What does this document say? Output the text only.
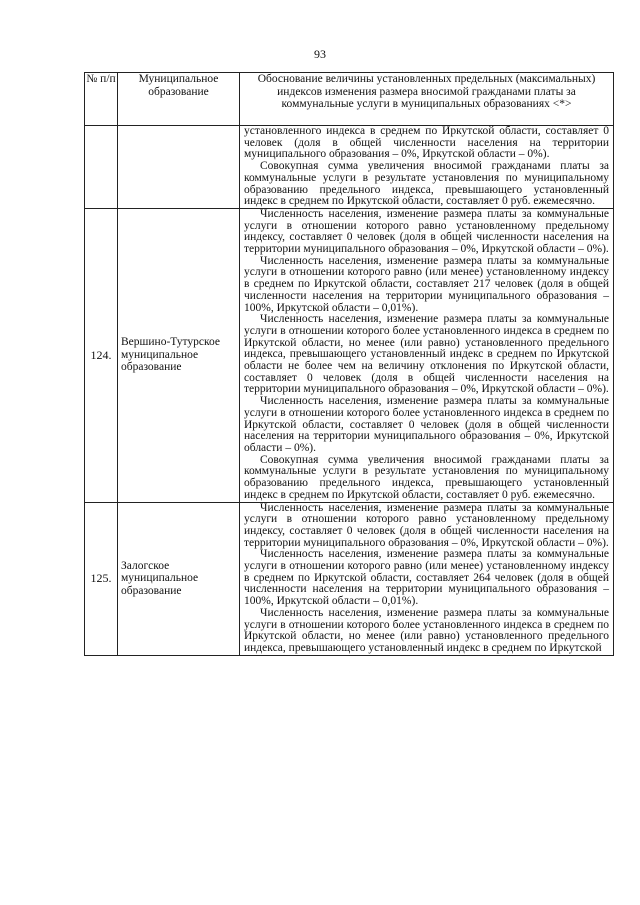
93
№ п/п	Муниципальное образование	Обоснование величины установленных предельных (максимальных) индексов изменения размера вносимой гражданами платы за коммунальные услуги в муниципальных образованиях <*>

		установленного индекса в среднем по Иркутской области, составляет 0 человек (доля в общей численности населения на территории муниципального образования – 0%, Иркутской области – 0%).

Совокупная сумма увеличения вносимой гражданами платы за коммунальные услуги в результате установления по муниципальному образованию предельного индекса, превышающего установленный индекс в среднем по Иркутской области, составляет 0 руб. ежемесячно.

124.	Вершино-Тутурское муниципальное образование	Численность населения, изменение размера платы за коммунальные услуги в отношении которого равно установленному предельному индексу, составляет 0 человек (доля в общей численности населения на территории муниципального образования – 0%, Иркутской области – 0%).

Численность населения, изменение размера платы за коммунальные услуги в отношении которого равно (или менее) установленному индексу в среднем по Иркутской области, составляет 217 человек (доля в общей численности населения на территории муниципального образования – 100%, Иркутской области – 0,01%).

Численность населения, изменение размера платы за коммунальные услуги в отношении которого более установленного индекса в среднем по Иркутской области, но менее (или равно) установленного предельного индекса, превышающего установленный индекс в среднем по Иркутской области не более чем на величину отклонения по Иркутской области, составляет 0 человек (доля в общей численности населения на территории муниципального образования – 0%, Иркутской области – 0%).

Численность населения, изменение размера платы за коммунальные услуги в отношении которого более установленного индекса в среднем по Иркутской области, составляет 0 человек (доля в общей численности населения на территории муниципального образования – 0%, Иркутской области – 0%).

Совокупная сумма увеличения вносимой гражданами платы за коммунальные услуги в результате установления по муниципальному образованию предельного индекса, превышающего установленный индекс в среднем по Иркутской области, составляет 0 руб. ежемесячно.

125.	Залогское муниципальное образование	Численность населения, изменение размера платы за коммунальные услуги в отношении которого равно установленному предельному индексу, составляет 0 человек (доля в общей численности населения на территории муниципального образования – 0%, Иркутской области – 0%).

Численность населения, изменение размера платы за коммунальные услуги в отношении которого равно (или менее) установленному индексу в среднем по Иркутской области, составляет 264 человек (доля в общей численности населения на территории муниципального образования – 100%, Иркутской области – 0,01%).

Численность населения, изменение размера платы за коммунальные услуги в отношении которого более установленного индекса в среднем по Иркутской области, но менее (или равно) установленного предельного индекса, превышающего установленный индекс в среднем по Иркутской
